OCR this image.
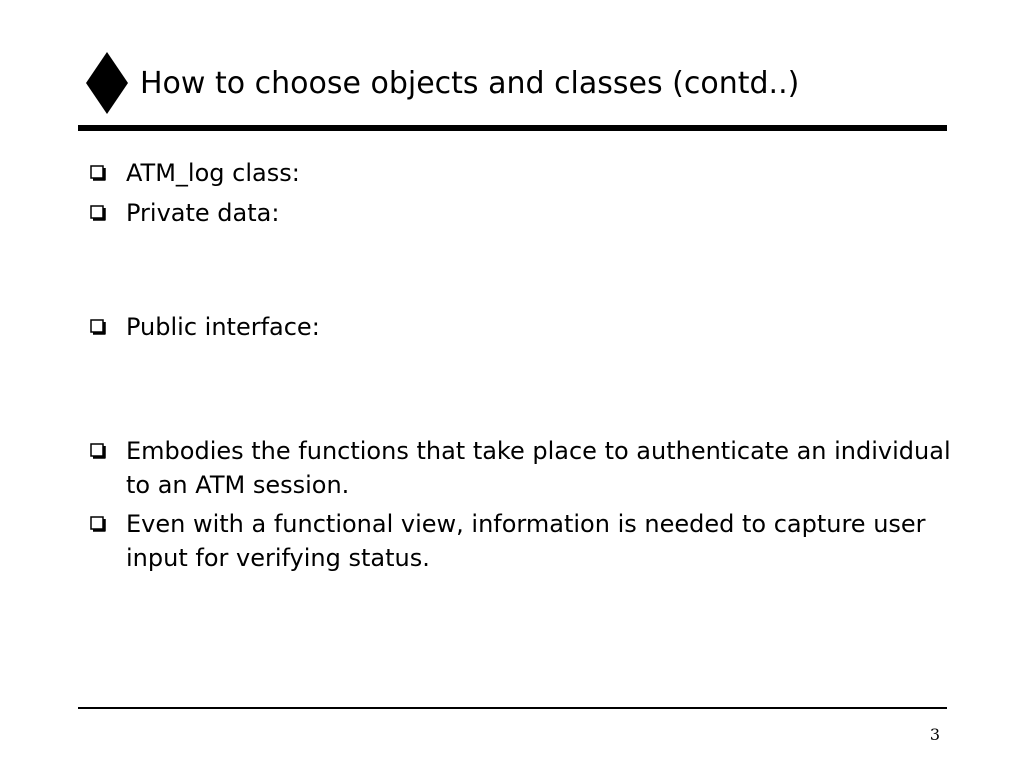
How to choose objects and classes (contd..)
ATM_log class:
Private data:
Public interface:
Embodies the functions that take place to authenticate an individual to an ATM session.
Even with a functional view, information is needed to capture user input for verifying status.
3
